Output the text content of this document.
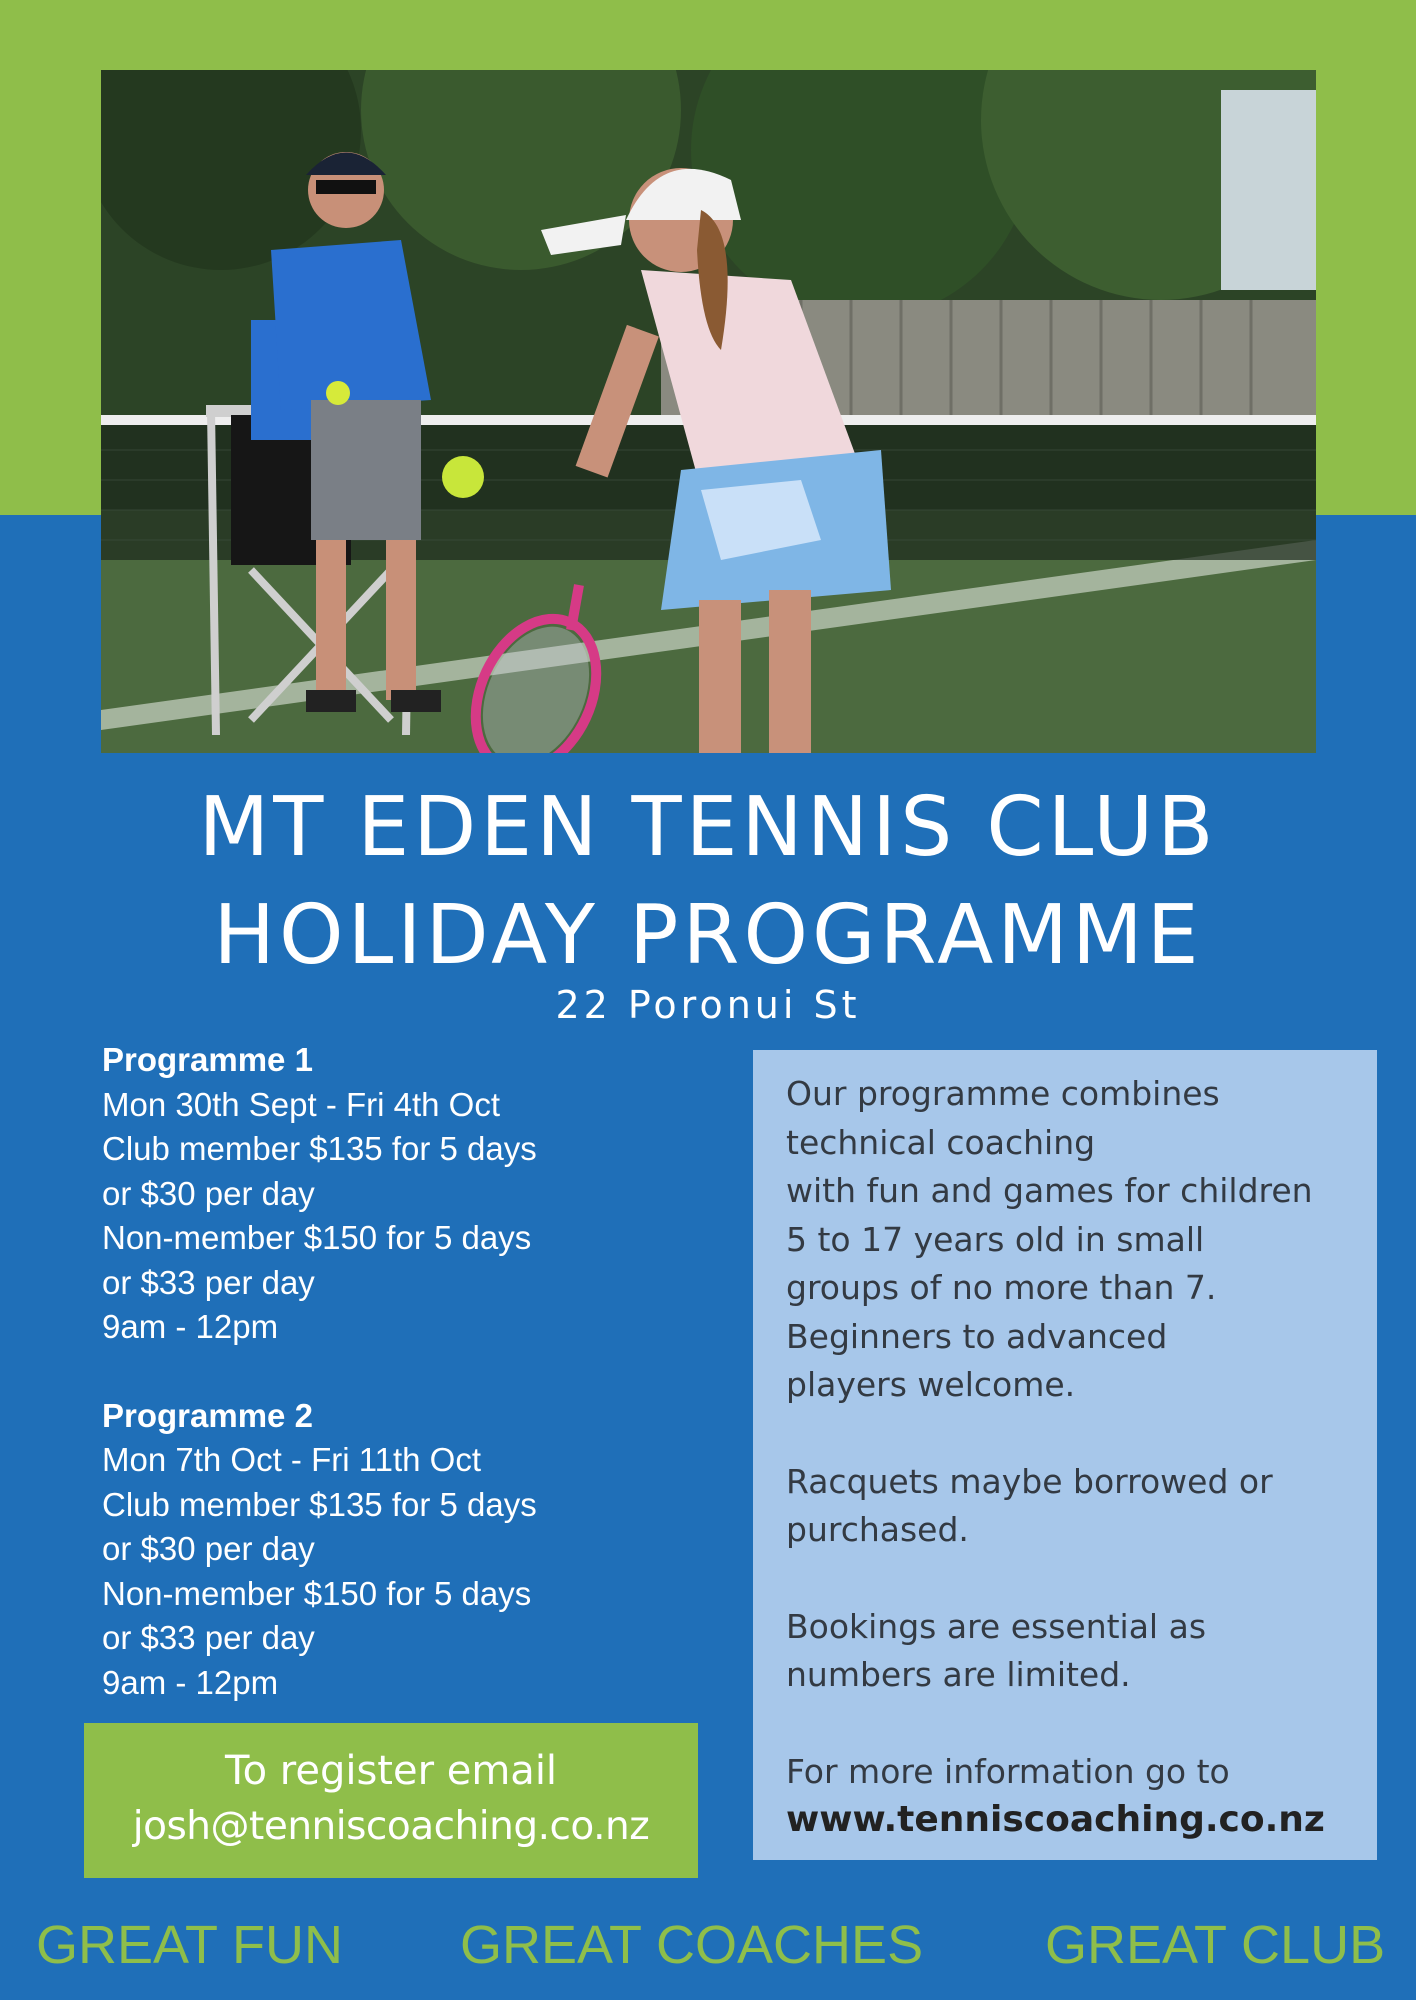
MT EDEN TENNIS CLUB
HOLIDAY PROGRAMME
22 Poronui St
Programme 1
Mon 30th Sept - Fri 4th Oct
Club member $135 for 5 days
or $30 per day
Non-member $150 for 5 days
or $33 per day
9am - 12pm
Programme 2
Mon 7th Oct - Fri 11th Oct
Club member $135 for 5 days
or $30 per day
Non-member $150 for 5 days
or $33 per day
9am - 12pm
To register email
josh@tenniscoaching.co.nz
Our programme combines
technical coaching
with fun and games for children
5 to 17 years old in small
groups of no more than 7.
Beginners to advanced
players welcome.
Racquets maybe borrowed or
purchased.
Bookings are essential as
numbers are limited.
For more information go to
www.tenniscoaching.co.nz
GREAT FUN GREAT COACHES GREAT CLUB
